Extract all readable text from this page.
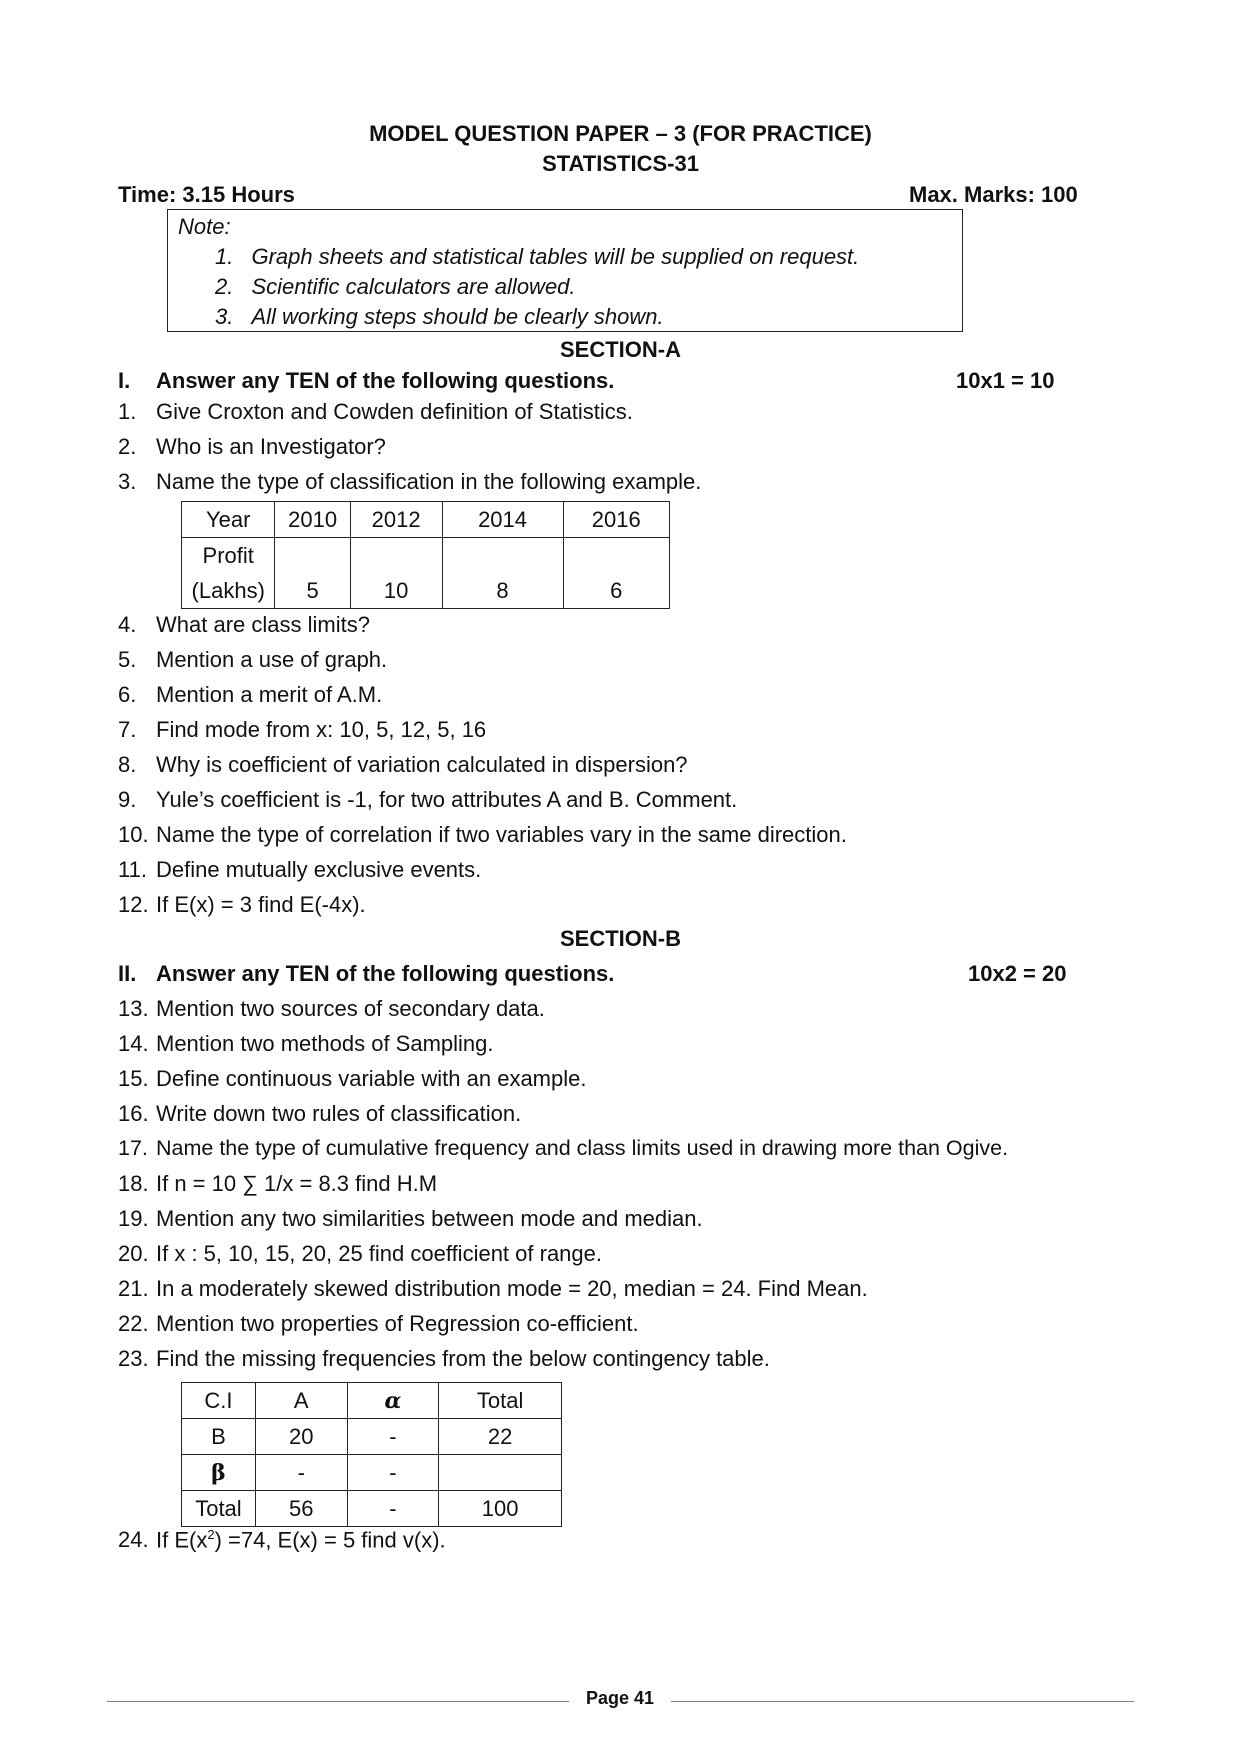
MODEL QUESTION PAPER – 3 (FOR PRACTICE)
STATISTICS-31
Time: 3.15 Hours	Max. Marks: 100
Note:
1. Graph sheets and statistical tables will be supplied on request.
2. Scientific calculators are allowed.
3. All working steps should be clearly shown.
SECTION-A
I. Answer any TEN of the following questions.	10x1 = 10
1. Give Croxton and Cowden definition of Statistics.
2. Who is an Investigator?
3. Name the type of classification in the following example.
Year	2010	2012	2014	2016

Profit
(Lakhs)	5	10	8	6
4. What are class limits?
5. Mention a use of graph.
6. Mention a merit of A.M.
7. Find mode from x: 10, 5, 12, 5, 16
8. Why is coefficient of variation calculated in dispersion?
9. Yule’s coefficient is -1, for two attributes A and B. Comment.
10. Name the type of correlation if two variables vary in the same direction.
11. Define mutually exclusive events.
12. If E(x) = 3 find E(-4x).
SECTION-B
II. Answer any TEN of the following questions.	10x2 = 20
13. Mention two sources of secondary data.
14. Mention two methods of Sampling.
15. Define continuous variable with an example.
16. Write down two rules of classification.
17. Name the type of cumulative frequency and class limits used in drawing more than Ogive.
18. If n = 10 ∑ 1/x = 8.3 find H.M
19. Mention any two similarities between mode and median.
20. If x : 5, 10, 15, 20, 25 find coefficient of range.
21. In a moderately skewed distribution mode = 20, median = 24. Find Mean.
22. Mention two properties of Regression co-efficient.
23. Find the missing frequencies from the below contingency table.
C.I	A	α	Total
B	20	-	22
β	-	-	
Total	56	-	100
24. If $E(x^2) =74$, E(x) = 5 find v(x).
Page 41
